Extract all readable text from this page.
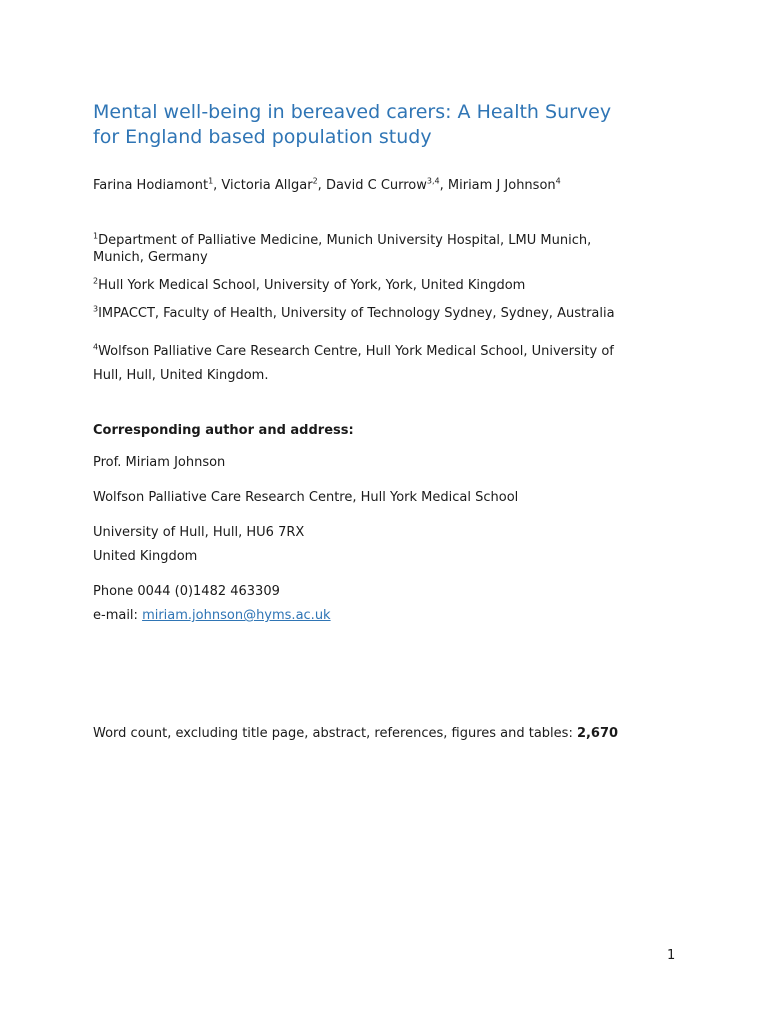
Mental well-being in bereaved carers: A Health Survey
for England based population study
Farina Hodiamont$^1$, Victoria Allgar$^2$, David C Currow$^{3,4}$, Miriam J Johnson$^4$
$^1$Department of Palliative Medicine, Munich University Hospital, LMU Munich,
Munich, Germany
$^2$Hull York Medical School, University of York, York, United Kingdom
$^3$IMPACCT, Faculty of Health, University of Technology Sydney, Sydney, Australia
$^4$Wolfson Palliative Care Research Centre, Hull York Medical School, University of
Hull, Hull, United Kingdom.
Corresponding author and address:
Prof. Miriam Johnson
Wolfson Palliative Care Research Centre, Hull York Medical School
University of Hull, Hull, HU6 7RX
United Kingdom
Phone 0044 (0)1482 463309
e-mail: miriam.johnson@hyms.ac.uk
Word count, excluding title page, abstract, references, figures and tables: 2,670
1
